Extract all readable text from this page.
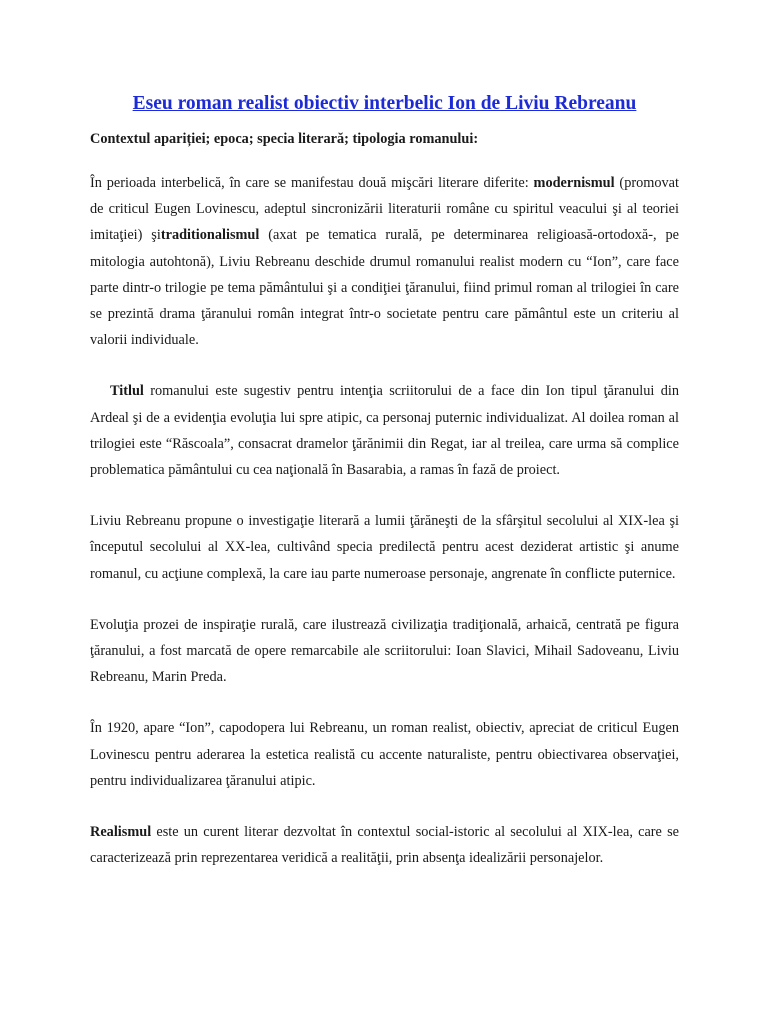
Eseu roman realist obiectiv interbelic Ion de Liviu Rebreanu
Contextul apariției; epoca; specia literară; tipologia romanului:

În perioada interbelică, în care se manifestau două mişcări literare diferite: modernismul (promovat de criticul Eugen Lovinescu, adeptul sincronizării literaturii române cu spiritul veacului şi al teoriei imitaţiei) şitraditionalismul (axat pe tematica rurală, pe determinarea religioasă-ortodoxă-, pe mitologia autohtonă), Liviu Rebreanu deschide drumul romanului realist modern cu “Ion”, care face parte dintr-o trilogie pe tema pământului şi a condiţiei ţăranului, fiind primul roman al trilogiei în care se prezintă drama ţăranului român integrat într-o societate pentru care pământul este un criteriu al valorii individuale.

Titlul romanului este sugestiv pentru intenţia scriitorului de a face din Ion tipul ţăranului din Ardeal şi de a evidenţia evoluţia lui spre atipic, ca personaj puternic individualizat. Al doilea roman al trilogiei este “Răscoala”, consacrat dramelor ţărănimii din Regat, iar al treilea, care urma să complice problematica pământului cu cea naţională în Basarabia, a ramas în fază de proiect.

Liviu Rebreanu propune o investigaţie literară a lumii ţărăneşti de la sfârşitul secolului al XIX-lea şi începutul secolului al XX-lea, cultivând specia predilectă pentru acest deziderat artistic şi anume romanul, cu acţiune complexă, la care iau parte numeroase personaje, angrenate în conflicte puternice.

Evoluţia prozei de inspiraţie rurală, care ilustrează civilizaţia tradiţională, arhaică, centrată pe figura ţăranului, a fost marcată de opere remarcabile ale scriitorului: Ioan Slavici, Mihail Sadoveanu, Liviu Rebreanu, Marin Preda.

În 1920, apare “Ion”, capodopera lui Rebreanu, un roman realist, obiectiv, apreciat de criticul Eugen Lovinescu pentru aderarea la estetica realistă cu accente naturaliste, pentru obiectivarea observaţiei, pentru individualizarea ţăranului atipic.

Realismul este un curent literar dezvoltat în contextul social-istoric al secolului al XIX-lea, care se caracterizează prin reprezentarea veridică a realităţii, prin absenţa idealizării personajelor.
